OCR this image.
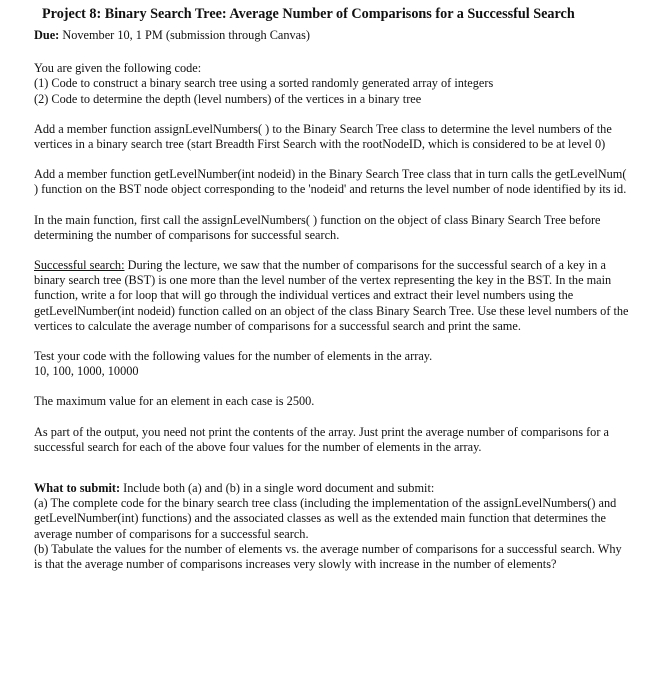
Project 8: Binary Search Tree: Average Number of Comparisons for a Successful Search
Due: November 10, 1 PM (submission through Canvas)

You are given the following code:
(1) Code to construct a binary search tree using a sorted randomly generated array of integers
(2) Code to determine the depth (level numbers) of the vertices in a binary tree

Add a member function assignLevelNumbers( ) to the Binary Search Tree class to determine the level numbers of the vertices in a binary search tree (start Breadth First Search with the rootNodeID, which is considered to be at level 0)

Add a member function getLevelNumber(int nodeid) in the Binary Search Tree class that in turn calls the getLevelNum( ) function on the BST node object corresponding to the 'nodeid' and returns the level number of node identified by its id.

In the main function, first call the assignLevelNumbers( ) function on the object of class Binary Search Tree before determining the number of comparisons for successful search.

Successful search: During the lecture, we saw that the number of comparisons for the successful search of a key in a binary search tree (BST) is one more than the level number of the vertex representing the key in the BST. In the main function, write a for loop that will go through the individual vertices and extract their level numbers using the getLevelNumber(int nodeid) function called on an object of the class Binary Search Tree. Use these level numbers of the vertices to calculate the average number of comparisons for a successful search and print the same.

Test your code with the following values for the number of elements in the array.
10, 100, 1000, 10000

The maximum value for an element in each case is 2500.

As part of the output, you need not print the contents of the array. Just print the average number of comparisons for a successful search for each of the above four values for the number of elements in the array.

What to submit: Include both (a) and (b) in a single word document and submit:
(a) The complete code for the binary search tree class (including the implementation of the assignLevelNumbers() and getLevelNumber(int) functions) and the associated classes as well as the extended main function that determines the average number of comparisons for a successful search.
(b) Tabulate the values for the number of elements vs. the average number of comparisons for a successful search. Why is that the average number of comparisons increases very slowly with increase in the number of elements?
